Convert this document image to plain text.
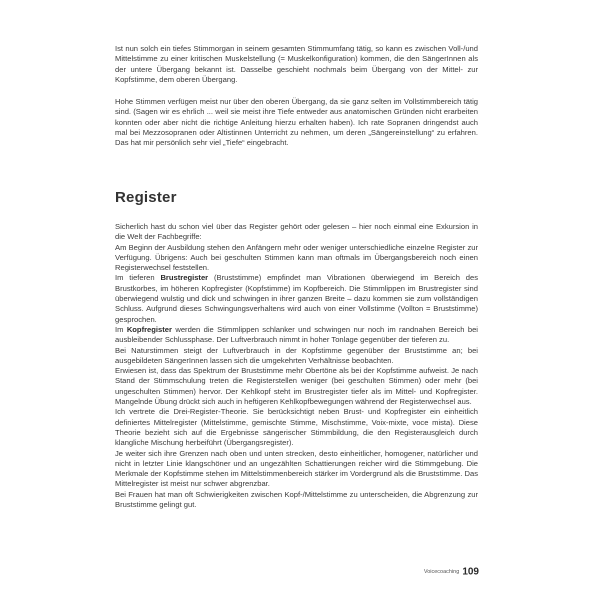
Ist nun solch ein tiefes Stimmorgan in seinem gesamten Stimmumfang tätig, so kann es zwischen Voll-/und Mittelstimme zu einer kritischen Muskelstellung (= Muskelkonfiguration) kommen, die den SängerInnen als der untere Übergang bekannt ist. Dasselbe geschieht nochmals beim Übergang von der Mittel- zur Kopfstimme, dem oberen Übergang.

Hohe Stimmen verfügen meist nur über den oberen Übergang, da sie ganz selten im Vollstimmbereich tätig sind. (Sagen wir es ehrlich ... weil sie meist ihre Tiefe entweder aus anatomischen Gründen nicht erarbeiten konnten oder aber nicht die richtige Anleitung hierzu erhalten haben). Ich rate Sopranen dringendst auch mal bei Mezzosopranen oder Altistinnen Unterricht zu nehmen, um deren „Sängereinstellung“ zu erfahren. Das hat mir persönlich sehr viel „Tiefe“ eingebracht.

Register

Sicherlich hast du schon viel über das Register gehört oder gelesen – hier noch einmal eine Exkursion in die Welt der Fachbegriffe:

Am Beginn der Ausbildung stehen den Anfängern mehr oder weniger unterschiedliche einzelne Register zur Verfügung. Übrigens: Auch bei geschulten Stimmen kann man oftmals im Übergangsbereich noch einen Registerwechsel feststellen.

Im tieferen Brustregister (Bruststimme) empfindet man Vibrationen überwiegend im Bereich des Brustkorbes, im höheren Kopfregister (Kopfstimme) im Kopfbereich. Die Stimmlippen im Brustregister sind überwiegend wulstig und dick und schwingen in ihrer ganzen Breite – dazu kommen sie zum vollständigen Schluss. Aufgrund dieses Schwingungsverhaltens wird auch von einer Vollstimme (Vollton = Bruststimme) gesprochen.

Im Kopfregister werden die Stimmlippen schlanker und schwingen nur noch im randnahen Bereich bei ausbleibender Schlussphase. Der Luftverbrauch nimmt in hoher Tonlage gegenüber der tieferen zu.

Bei Naturstimmen steigt der Luftverbrauch in der Kopfstimme gegenüber der Bruststimme an; bei ausgebildeten SängerInnen lassen sich die umgekehrten Verhältnisse beobachten.

Erwiesen ist, dass das Spektrum der Bruststimme mehr Obertöne als bei der Kopfstimme aufweist. Je nach Stand der Stimmschulung treten die Registerstellen weniger (bei geschulten Stimmen) oder mehr (bei ungeschulten Stimmen) hervor. Der Kehlkopf steht im Brustregister tiefer als im Mittel- und Kopfregister. Mangelnde Übung drückt sich auch in heftigeren Kehlkopfbewegungen während der Registerwechsel aus.

Ich vertrete die Drei-Register-Theorie. Sie berücksichtigt neben Brust- und Kopfregister ein einheitlich definiertes Mittelregister (Mittelstimme, gemischte Stimme, Mischstimme, Voix-mixte, voce mista). Diese Theorie bezieht sich auf die Ergebnisse sängerischer Stimmbildung, die den Registerausgleich durch klangliche Mischung herbeiführt (Übergangsregister).

Je weiter sich ihre Grenzen nach oben und unten strecken, desto einheitlicher, homogener, natürlicher und nicht in letzter Linie klangschöner und an ungezählten Schattierungen reicher wird die Stimmgebung. Die Merkmale der Kopfstimme stehen im Mittelstimmenbereich stärker im Vordergrund als die Bruststimme. Das Mittelregister ist meist nur schwer abgrenzbar.

Bei Frauen hat man oft Schwierigkeiten zwischen Kopf-/Mittelstimme zu unterscheiden, die Abgrenzung zur Bruststimme gelingt gut.

Voicecoaching 109
